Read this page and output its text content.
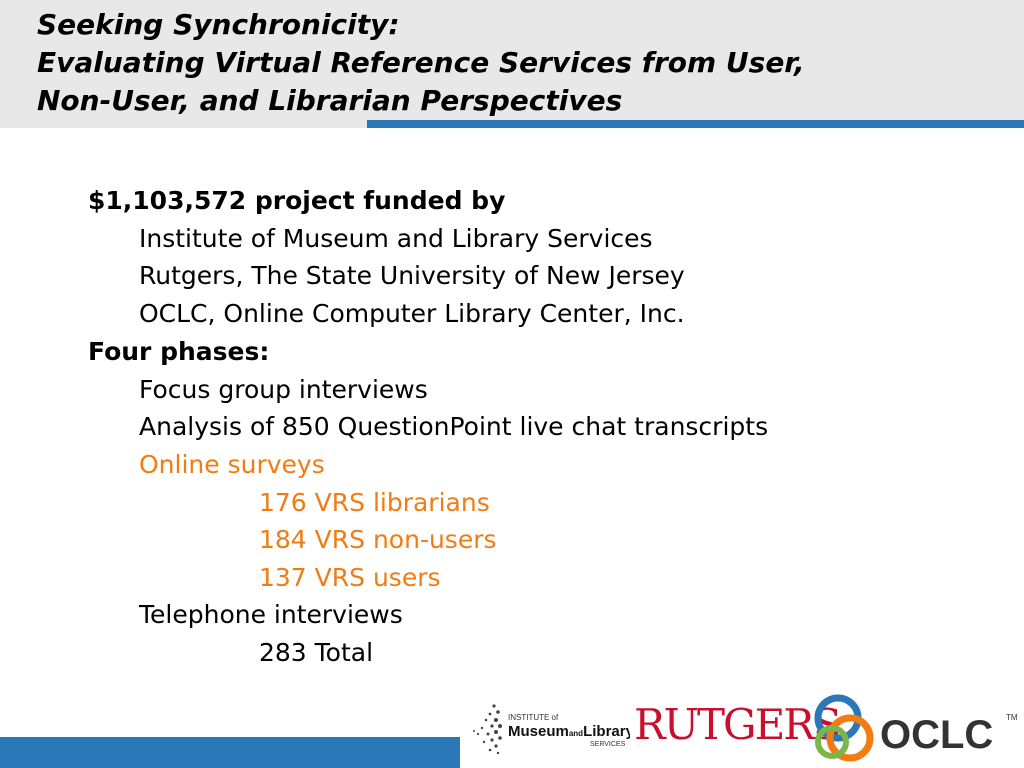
Seeking Synchronicity:
Evaluating Virtual Reference Services from User,
Non-User, and Librarian Perspectives
$1,103,572 project funded by
Institute of Museum and Library Services
Rutgers, The State University of New Jersey
OCLC, Online Computer Library Center, Inc.
Four phases:
Focus group interviews
Analysis of 850 QuestionPoint live chat transcripts
Online surveys
176 VRS librarians
184 VRS non-users
137 VRS users
Telephone interviews
283 Total
INSTITUTE of
MuseumandLibrary
SERVICES RUTGERS OCLC TM
